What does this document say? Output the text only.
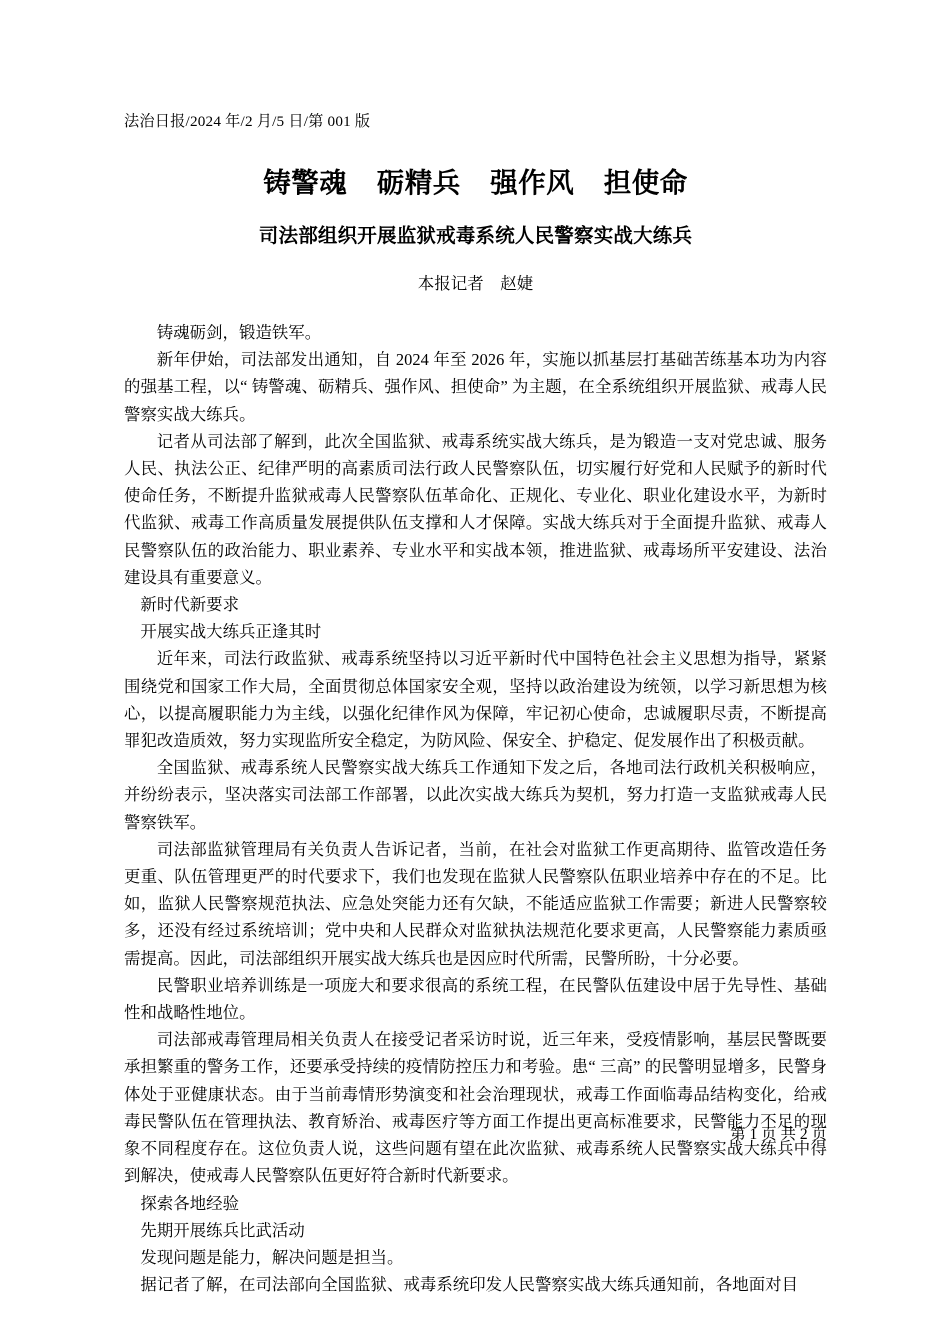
法治日报/2024 年/2 月/5 日/第 001 版
铸警魂    砺精兵    强作风    担使命
司法部组织开展监狱戒毒系统人民警察实战大练兵
本报记者    赵婕

铸魂砺剑，锻造铁军。

新年伊始，司法部发出通知，自 2024 年至 2026 年，实施以抓基层打基础苦练基本功为内容的强基工程，以“ 铸警魂、砺精兵、强作风、担使命” 为主题，在全系统组织开展监狱、戒毒人民警察实战大练兵。

记者从司法部了解到，此次全国监狱、戒毒系统实战大练兵，是为锻造一支对党忠诚、服务人民、执法公正、纪律严明的高素质司法行政人民警察队伍，切实履行好党和人民赋予的新时代使命任务，不断提升监狱戒毒人民警察队伍革命化、正规化、专业化、职业化建设水平，为新时代监狱、戒毒工作高质量发展提供队伍支撑和人才保障。实战大练兵对于全面提升监狱、戒毒人民警察队伍的政治能力、职业素养、专业水平和实战本领，推进监狱、戒毒场所平安建设、法治建设具有重要意义。

新时代新要求

开展实战大练兵正逢其时

近年来，司法行政监狱、戒毒系统坚持以习近平新时代中国特色社会主义思想为指导，紧紧围绕党和国家工作大局，全面贯彻总体国家安全观，坚持以政治建设为统领，以学习新思想为核心，以提高履职能力为主线，以强化纪律作风为保障，牢记初心使命，忠诚履职尽责，不断提高罪犯改造质效，努力实现监所安全稳定，为防风险、保安全、护稳定、促发展作出了积极贡献。

全国监狱、戒毒系统人民警察实战大练兵工作通知下发之后，各地司法行政机关积极响应，并纷纷表示，坚决落实司法部工作部署，以此次实战大练兵为契机，努力打造一支监狱戒毒人民警察铁军。

司法部监狱管理局有关负责人告诉记者，当前，在社会对监狱工作更高期待、监管改造任务更重、队伍管理更严的时代要求下，我们也发现在监狱人民警察队伍职业培养中存在的不足。比如，监狱人民警察规范执法、应急处突能力还有欠缺，不能适应监狱工作需要；新进人民警察较多，还没有经过系统培训；党中央和人民群众对监狱执法规范化要求更高，人民警察能力素质亟需提高。因此，司法部组织开展实战大练兵也是因应时代所需，民警所盼，十分必要。

民警职业培养训练是一项庞大和要求很高的系统工程，在民警队伍建设中居于先导性、基础性和战略性地位。

司法部戒毒管理局相关负责人在接受记者采访时说，近三年来，受疫情影响，基层民警既要承担繁重的警务工作，还要承受持续的疫情防控压力和考验。患“ 三高” 的民警明显增多，民警身体处于亚健康状态。由于当前毒情形势演变和社会治理现状，戒毒工作面临毒品结构变化，给戒毒民警队伍在管理执法、教育矫治、戒毒医疗等方面工作提出更高标准要求，民警能力不足的现象不同程度存在。这位负责人说，这些问题有望在此次监狱、戒毒系统人民警察实战大练兵中得到解决，使戒毒人民警察队伍更好符合新时代新要求。

探索各地经验

先期开展练兵比武活动

发现问题是能力，解决问题是担当。

据记者了解，在司法部向全国监狱、戒毒系统印发人民警察实战大练兵通知前，各地面对目

第 1 页 共 2 页
